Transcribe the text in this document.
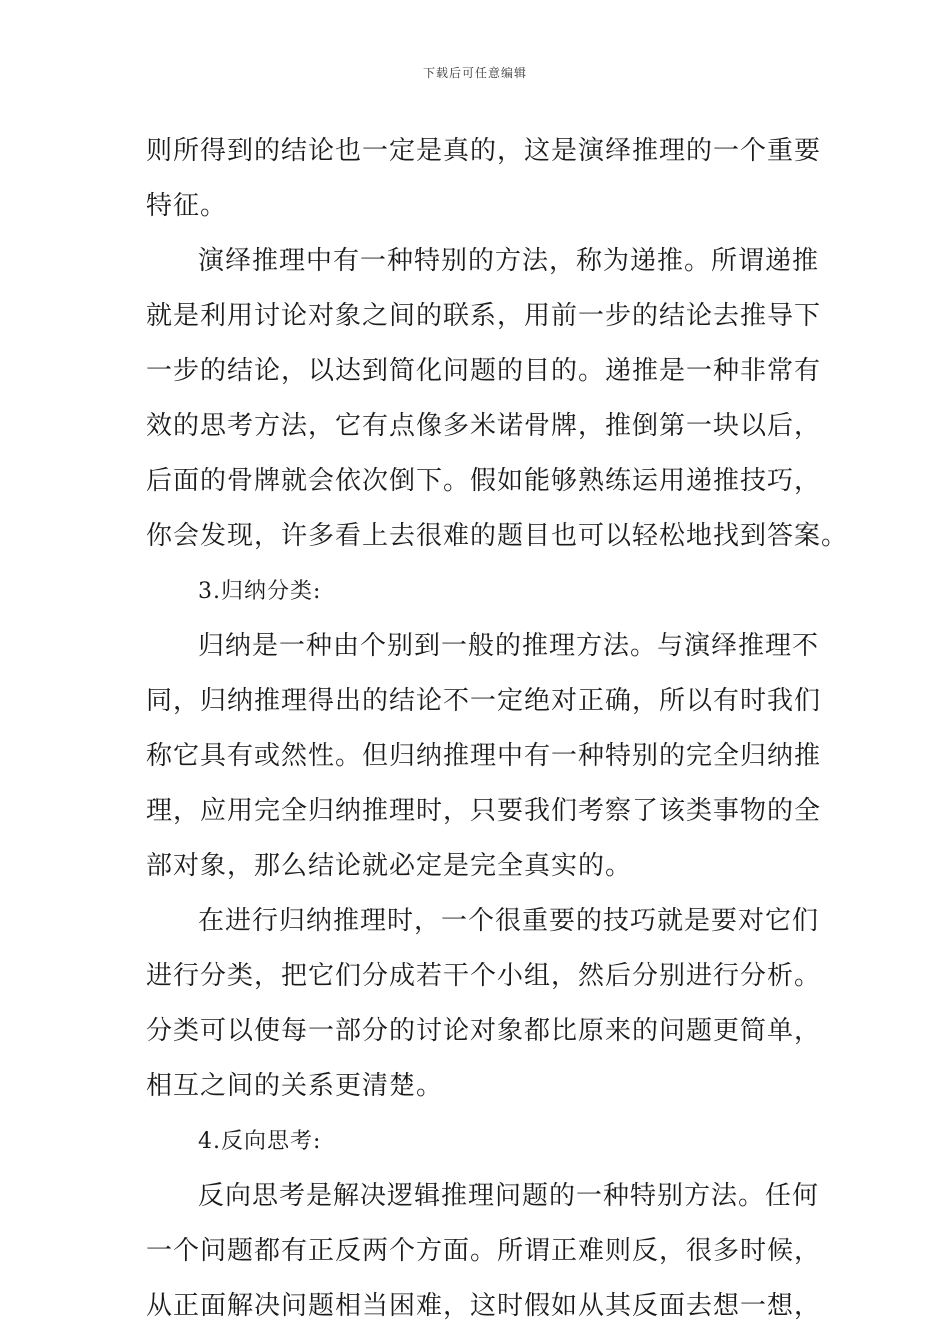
下载后可任意编辑
则所得到的结论也一定是真的，这是演绎推理的一个重要
特征。
演绎推理中有一种特别的方法，称为递推。所谓递推
就是利用讨论对象之间的联系，用前一步的结论去推导下
一步的结论，以达到简化问题的目的。递推是一种非常有
效的思考方法，它有点像多米诺骨牌，推倒第一块以后，
后面的骨牌就会依次倒下。假如能够熟练运用递推技巧，
你会发现，许多看上去很难的题目也可以轻松地找到答案。
3.归纳分类:
归纳是一种由个别到一般的推理方法。与演绎推理不
同，归纳推理得出的结论不一定绝对正确，所以有时我们
称它具有或然性。但归纳推理中有一种特别的完全归纳推
理，应用完全归纳推理时，只要我们考察了该类事物的全
部对象，那么结论就必定是完全真实的。
在进行归纳推理时，一个很重要的技巧就是要对它们
进行分类，把它们分成若干个小组，然后分别进行分析。
分类可以使每一部分的讨论对象都比原来的问题更简单，
相互之间的关系更清楚。
4.反向思考:
反向思考是解决逻辑推理问题的一种特别方法。任何
一个问题都有正反两个方面。所谓正难则反，很多时候，
从正面解决问题相当困难，这时假如从其反面去想一想，
